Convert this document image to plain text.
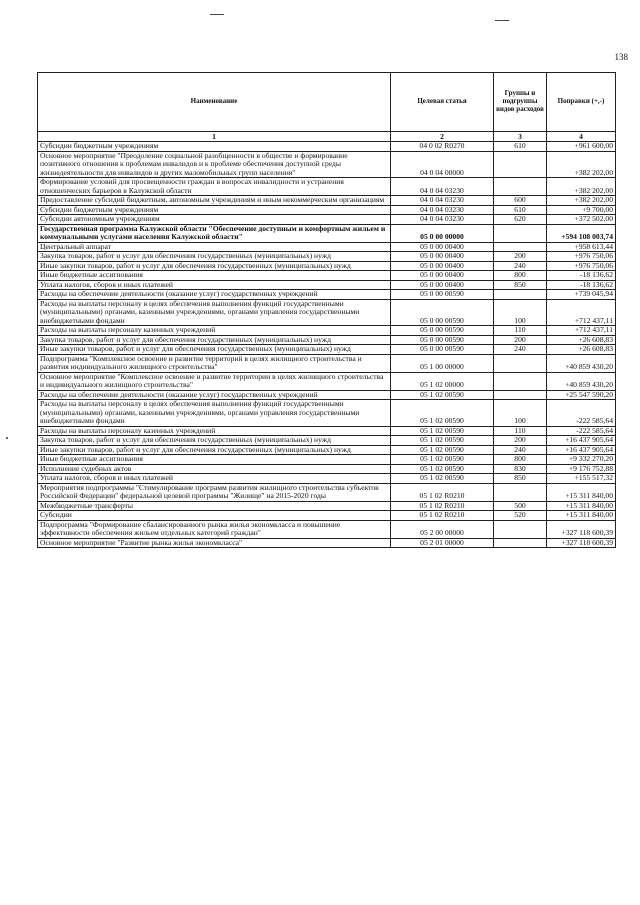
138
Наименование	Целевая статья	Группы и подгруппы видов расходов	Поправки (+,-)
1	2	3	4
Субсидии бюджетным учреждениям	04 0 02 R0270	610	+961 600,00
Основное мероприятие "Преодоление социальной разобщенности в обществе и формирование позитивного отношения к проблемам инвалидов и к проблеме обеспечения доступной среды жизнедеятельности для инвалидов и других маломобильных групп населения"	04 0 04 00000		+382 202,00
Формирование условий для просвещенности граждан в вопросах инвалидности и устранения отношенческих барьеров в Калужской области	04 0 04 03230		+382 202,00
Предоставление субсидий бюджетным, автономным учреждениям и иным некоммерческим организациям	04 0 04 03230	600	+382 202,00
Субсидии бюджетным учреждениям	04 0 04 03230	610	+9 700,00
Субсидии автономным учреждениям	04 0 04 03230	620	+372 502,00
Государственная программа Калужской области "Обеспечение доступным и комфортным жильем и коммунальными услугами населения Калужской области"	05 0 00 00000		+594 108 003,74
Центральный аппарат	05 0 00 00400		+958 613,44
Закупка товаров, работ и услуг для обеспечения государственных (муниципальных) нужд	05 0 00 00400	200	+976 750,06
Иные закупки товаров, работ и услуг для обеспечения государственных (муниципальных) нужд	05 0 00 00400	240	+976 750,06
Иные бюджетные ассигнования	05 0 00 00400	800	-18 136,62
Уплата налогов, сборов и иных платежей	05 0 00 00400	850	-18 136,62
Расходы на обеспечение деятельности (оказание услуг) государственных учреждений	05 0 00 00590		+739 045,94
Расходы на выплаты персоналу в целях обеспечения выполнения функций государственными (муниципальными) органами, казенными учреждениями, органами управления государственными внебюджетными фондами	05 0 00 00590	100	+712 437,11
Расходы на выплаты персоналу казенных учреждений	05 0 00 00590	110	+712 437,11
Закупка товаров, работ и услуг для обеспечения государственных (муниципальных) нужд	05 0 00 00590	200	+26 608,83
Иные закупки товаров, работ и услуг для обеспечения государственных (муниципальных) нужд	05 0 00 00590	240	+26 608,83
Подпрограмма "Комплексное освоение и развитие территорий в целях жилищного строительства и развития индивидуального жилищного строительства"	05 1 00 00000		+40 859 430,20
Основное мероприятие "Комплексное освоение и развитие территории в целях жилищного строительства и индивидуального жилищного строительства"	05 1 02 00000		+40 859 430,20
Расходы на обеспечение деятельности (оказание услуг) государственных учреждений	05 1 02 00590		+25 547 590,20
Расходы на выплаты персоналу в целях обеспечения выполнения функций государственными (муниципальными) органами, казенными учреждениями, органами управления государственными внебюджетными фондами	05 1 02 00590	100	-222 585,64
Расходы на выплаты персоналу казенных учреждений	05 1 02 00590	110	-222 585,64
Закупка товаров, работ и услуг для обеспечения государственных (муниципальных) нужд	05 1 02 00590	200	+16 437 905,64
Иные закупки товаров, работ и услуг для обеспечения государственных (муниципальных) нужд	05 1 02 00590	240	+16 437 905,64
Иные бюджетные ассигнования	05 1 02 00590	800	+9 332 270,20
Исполнение судебных актов	05 1 02 00590	830	+9 176 752,88
Уплата налогов, сборов и иных платежей	05 1 02 00590	850	+155 517,32
Мероприятия подпрограммы "Стимулирование программ развития жилищного строительства субъектов Российской Федерации" федеральной целевой программы "Жилище" на 2015-2020 годы	05 1 02 R0210		+15 311 840,00
Межбюджетные трансферты	05 1 02 R0210	500	+15 311 840,00
Субсидии	05 1 02 R0210	520	+15 311 840,00
Подпрограмма "Формирование сбалансированного рынка жилья экономкласса и повышение эффективности обеспечения жильем отдельных категорий граждан"	05 2 00 00000		+327 118 600,39
Основное мероприятие "Развитие рынка жилья экономкласса"	05 2 01 00000		+327 118 600,39
